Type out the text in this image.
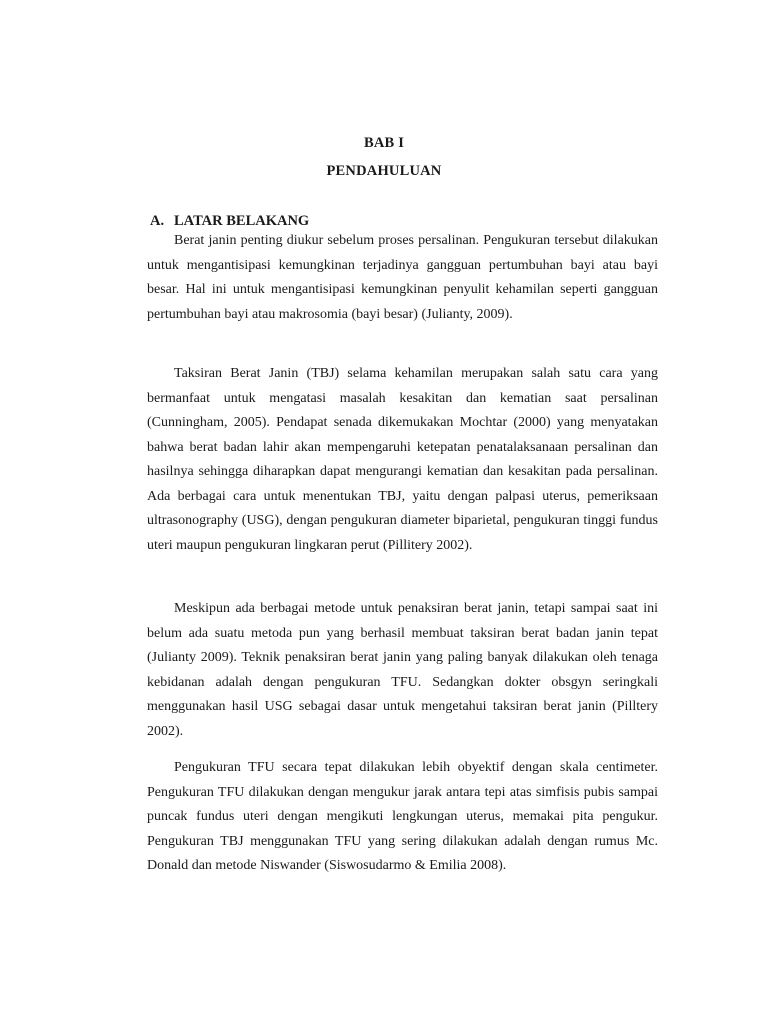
BAB I
PENDAHULUAN
A. LATAR BELAKANG

Berat janin penting diukur sebelum proses persalinan. Pengukuran tersebut dilakukan untuk mengantisipasi kemungkinan terjadinya gangguan pertumbuhan bayi atau bayi besar. Hal ini untuk mengantisipasi kemungkinan penyulit kehamilan seperti gangguan pertumbuhan bayi atau makrosomia (bayi besar) (Julianty, 2009).

Taksiran Berat Janin (TBJ) selama kehamilan merupakan salah satu cara yang bermanfaat untuk mengatasi masalah kesakitan dan kematian saat persalinan (Cunningham, 2005). Pendapat senada dikemukakan Mochtar (2000) yang menyatakan bahwa berat badan lahir akan mempengaruhi ketepatan penatalaksanaan persalinan dan hasilnya sehingga diharapkan dapat mengurangi kematian dan kesakitan pada persalinan. Ada berbagai cara untuk menentukan TBJ, yaitu dengan palpasi uterus, pemeriksaan ultrasonography (USG), dengan pengukuran diameter biparietal, pengukuran tinggi fundus uteri maupun pengukuran lingkaran perut (Pillitery 2002).

Meskipun ada berbagai metode untuk penaksiran berat janin, tetapi sampai saat ini belum ada suatu metoda pun yang berhasil membuat taksiran berat badan janin tepat (Julianty 2009). Teknik penaksiran berat janin yang paling banyak dilakukan oleh tenaga kebidanan adalah dengan pengukuran TFU. Sedangkan dokter obsgyn seringkali menggunakan hasil USG sebagai dasar untuk mengetahui taksiran berat janin (Pilltery 2002).

Pengukuran TFU secara tepat dilakukan lebih obyektif dengan skala centimeter. Pengukuran TFU dilakukan dengan mengukur jarak antara tepi atas simfisis pubis sampai puncak fundus uteri dengan mengikuti lengkungan uterus, memakai pita pengukur. Pengukuran TBJ menggunakan TFU yang sering dilakukan adalah dengan rumus Mc. Donald dan metode Niswander (Siswosudarmo & Emilia 2008).
